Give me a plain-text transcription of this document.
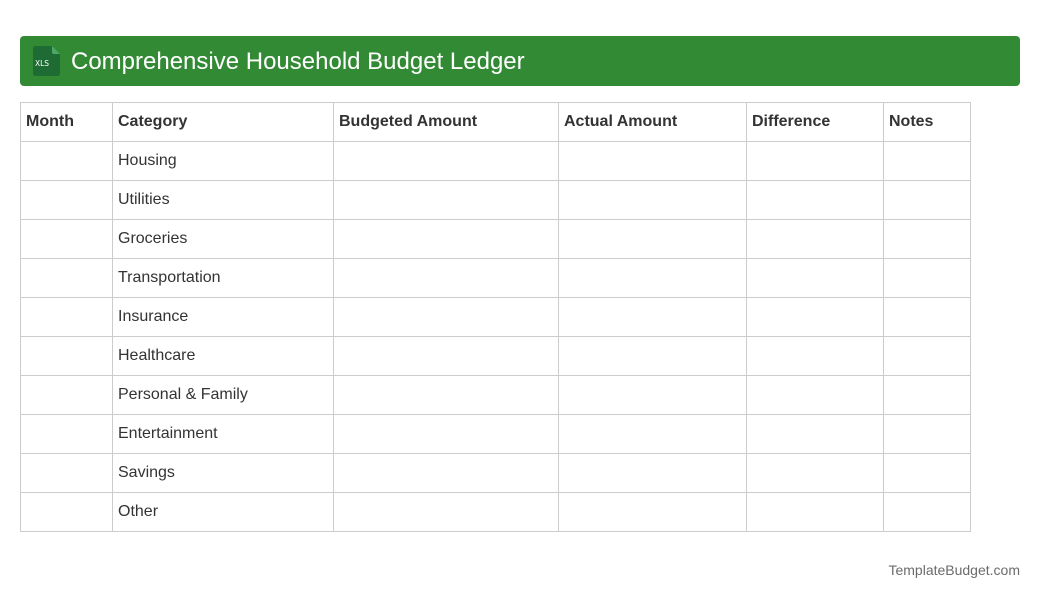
XLS Comprehensive Household Budget Ledger
Month	Category	Budgeted Amount	Actual Amount	Difference	Notes
	Housing				
	Utilities				
	Groceries				
	Transportation				
	Insurance				
	Healthcare				
	Personal & Family				
	Entertainment				
	Savings				
	Other				
TemplateBudget.com
